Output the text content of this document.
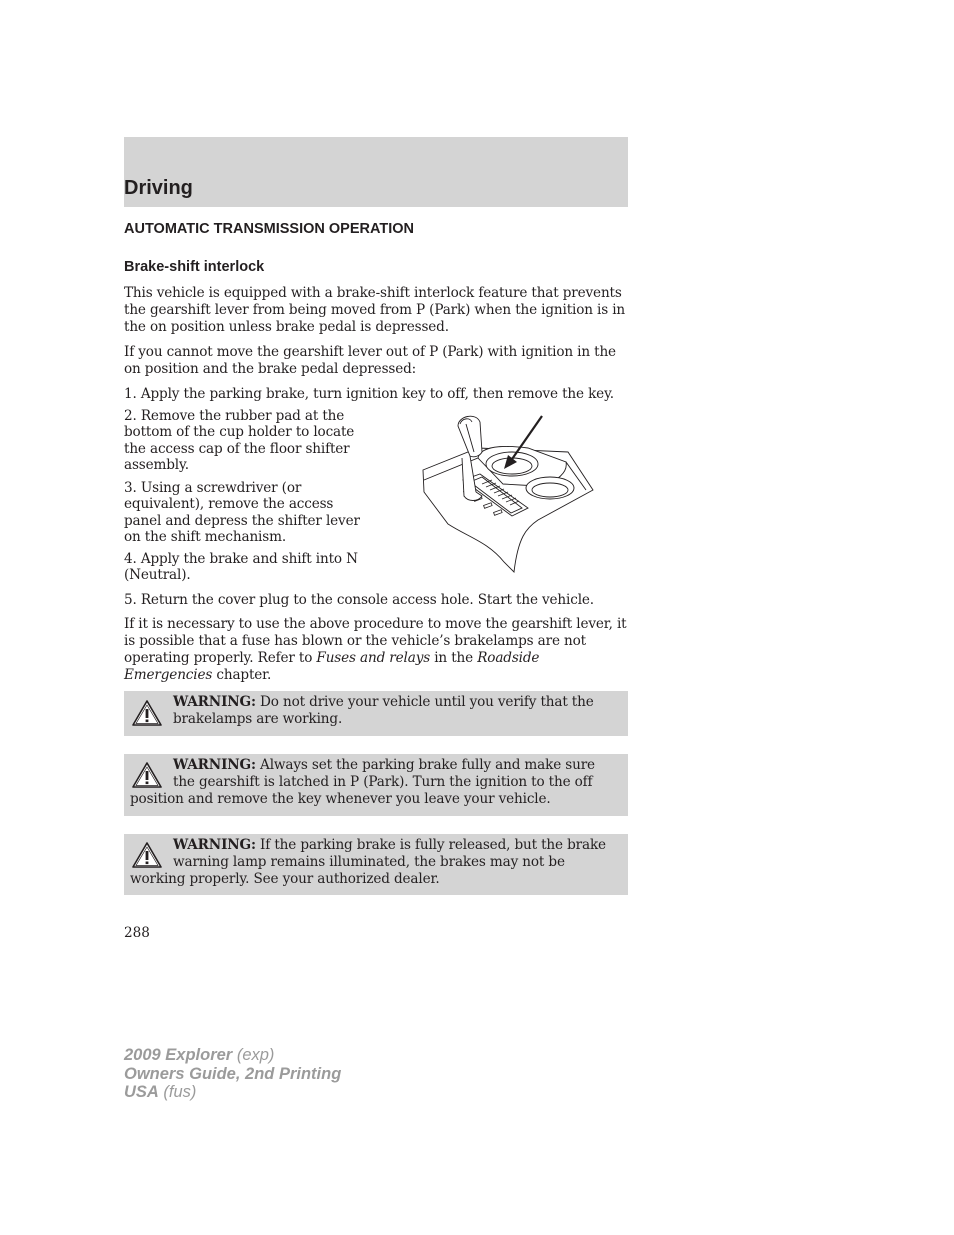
Driving
AUTOMATIC TRANSMISSION OPERATION
Brake-shift interlock

This vehicle is equipped with a brake-shift interlock feature that prevents the gearshift lever from being moved from P (Park) when the ignition is in the on position unless brake pedal is depressed.

If you cannot move the gearshift lever out of P (Park) with ignition in the on position and the brake pedal depressed:

1. Apply the parking brake, turn ignition key to off, then remove the key.

2. Remove the rubber pad at the bottom of the cup holder to locate the access cap of the floor shifter assembly.

3. Using a screwdriver (or equivalent), remove the access panel and depress the shifter lever on the shift mechanism.

4. Apply the brake and shift into N (Neutral).

5. Return the cover plug to the console access hole. Start the vehicle.

If it is necessary to use the above procedure to move the gearshift lever, it is possible that a fuse has blown or the vehicle’s brakelamps are not operating properly. Refer to Fuses and relays in the Roadside Emergencies chapter.

WARNING: Do not drive your vehicle until you verify that the brakelamps are working.

WARNING: Always set the parking brake fully and make sure the gearshift is latched in P (Park). Turn the ignition to the off position and remove the key whenever you leave your vehicle.

WARNING: If the parking brake is fully released, but the brake warning lamp remains illuminated, the brakes may not be working properly. See your authorized dealer.

288
2009 Explorer (exp)
Owners Guide, 2nd Printing
USA (fus)
